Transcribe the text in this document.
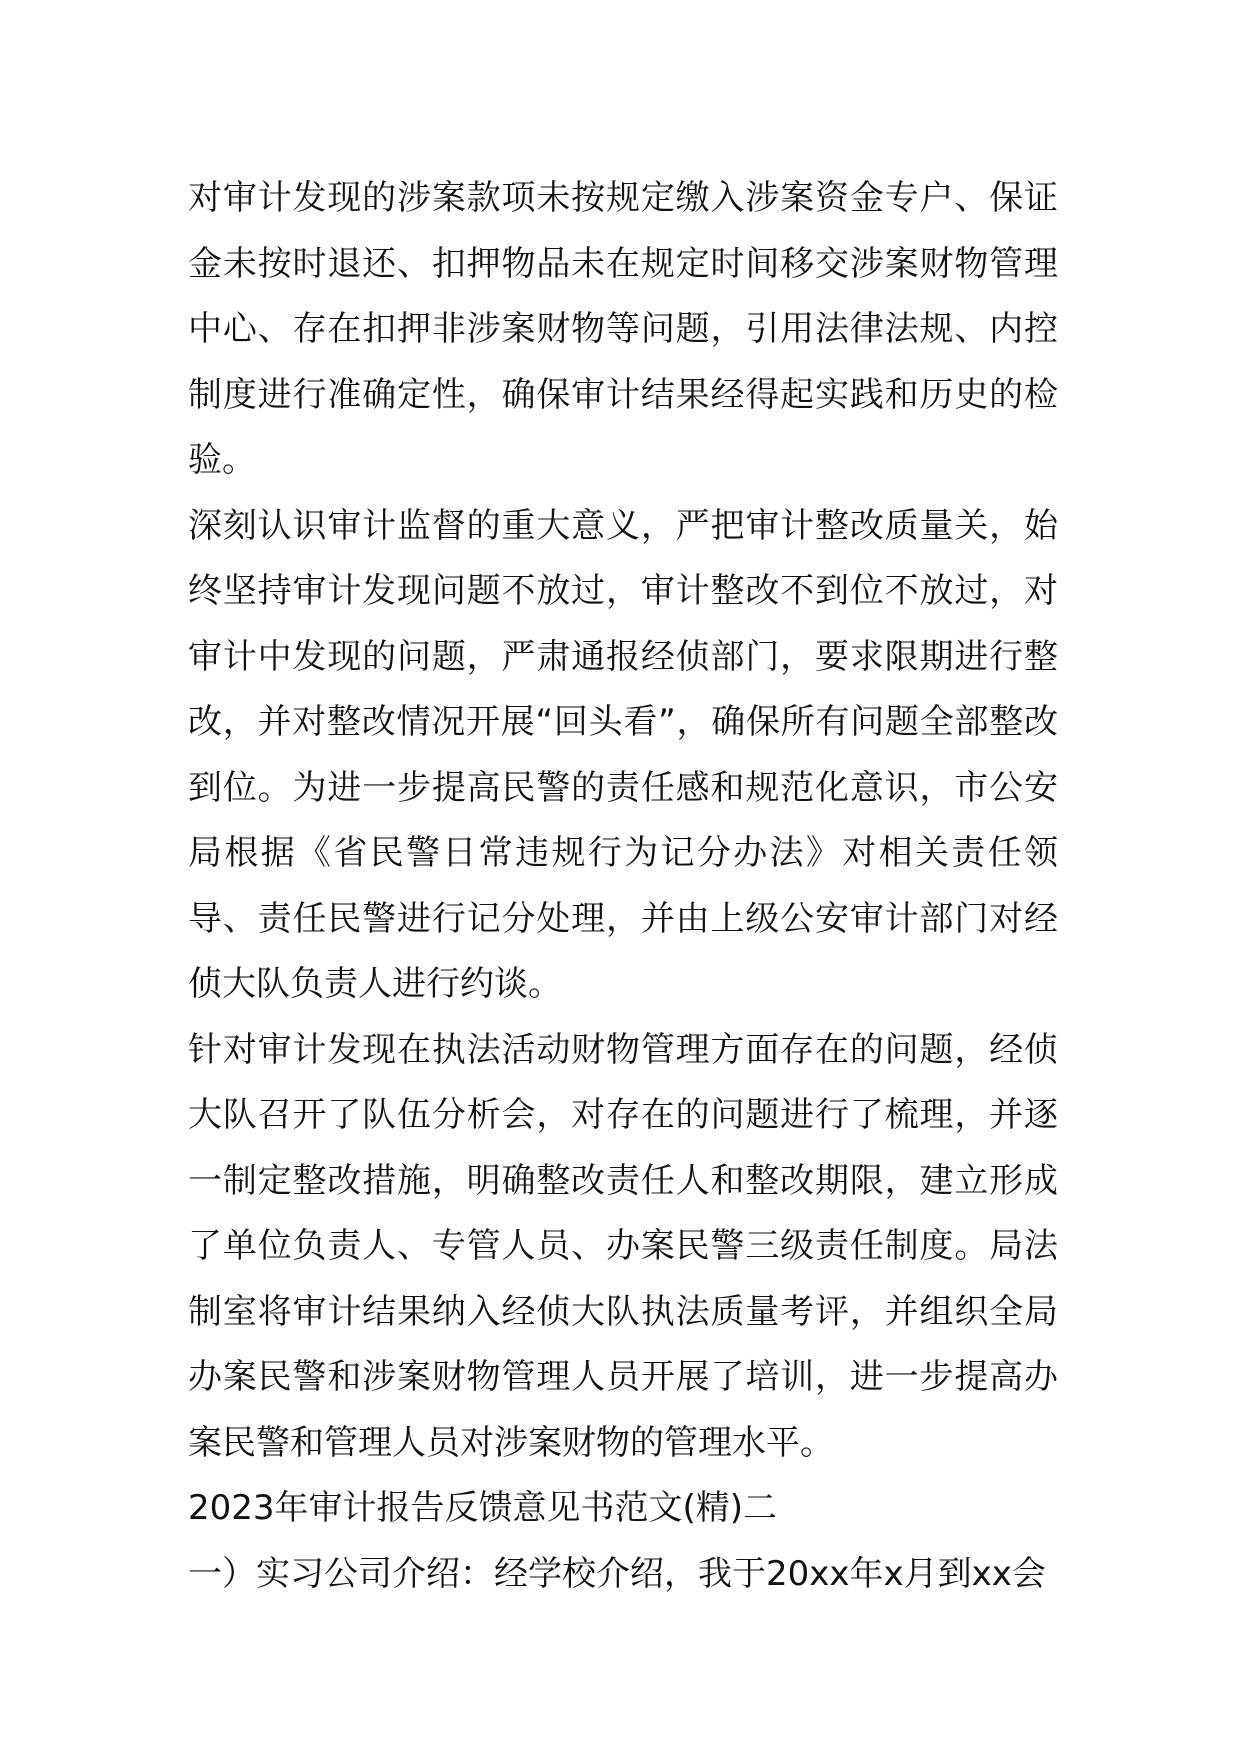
对审计发现的涉案款项未按规定缴入涉案资金专户、保证金未按时退还、扣押物品未在规定时间移交涉案财物管理中心、存在扣押非涉案财物等问题，引用法律法规、内控制度进行准确定性，确保审计结果经得起实践和历史的检验。

深刻认识审计监督的重大意义，严把审计整改质量关，始终坚持审计发现问题不放过，审计整改不到位不放过，对审计中发现的问题，严肃通报经侦部门，要求限期进行整改，并对整改情况开展“回头看”，确保所有问题全部整改到位。为进一步提高民警的责任感和规范化意识，市公安局根据《省民警日常违规行为记分办法》对相关责任领导、责任民警进行记分处理，并由上级公安审计部门对经侦大队负责人进行约谈。

针对审计发现在执法活动财物管理方面存在的问题，经侦大队召开了队伍分析会，对存在的问题进行了梳理，并逐一制定整改措施，明确整改责任人和整改期限，建立形成了单位负责人、专管人员、办案民警三级责任制度。局法制室将审计结果纳入经侦大队执法质量考评，并组织全局办案民警和涉案财物管理人员开展了培训，进一步提高办案民警和管理人员对涉案财物的管理水平。

2023年审计报告反馈意见书范文(精)二

一）实习公司介绍：经学校介绍，我于20xx年x月到xx会
